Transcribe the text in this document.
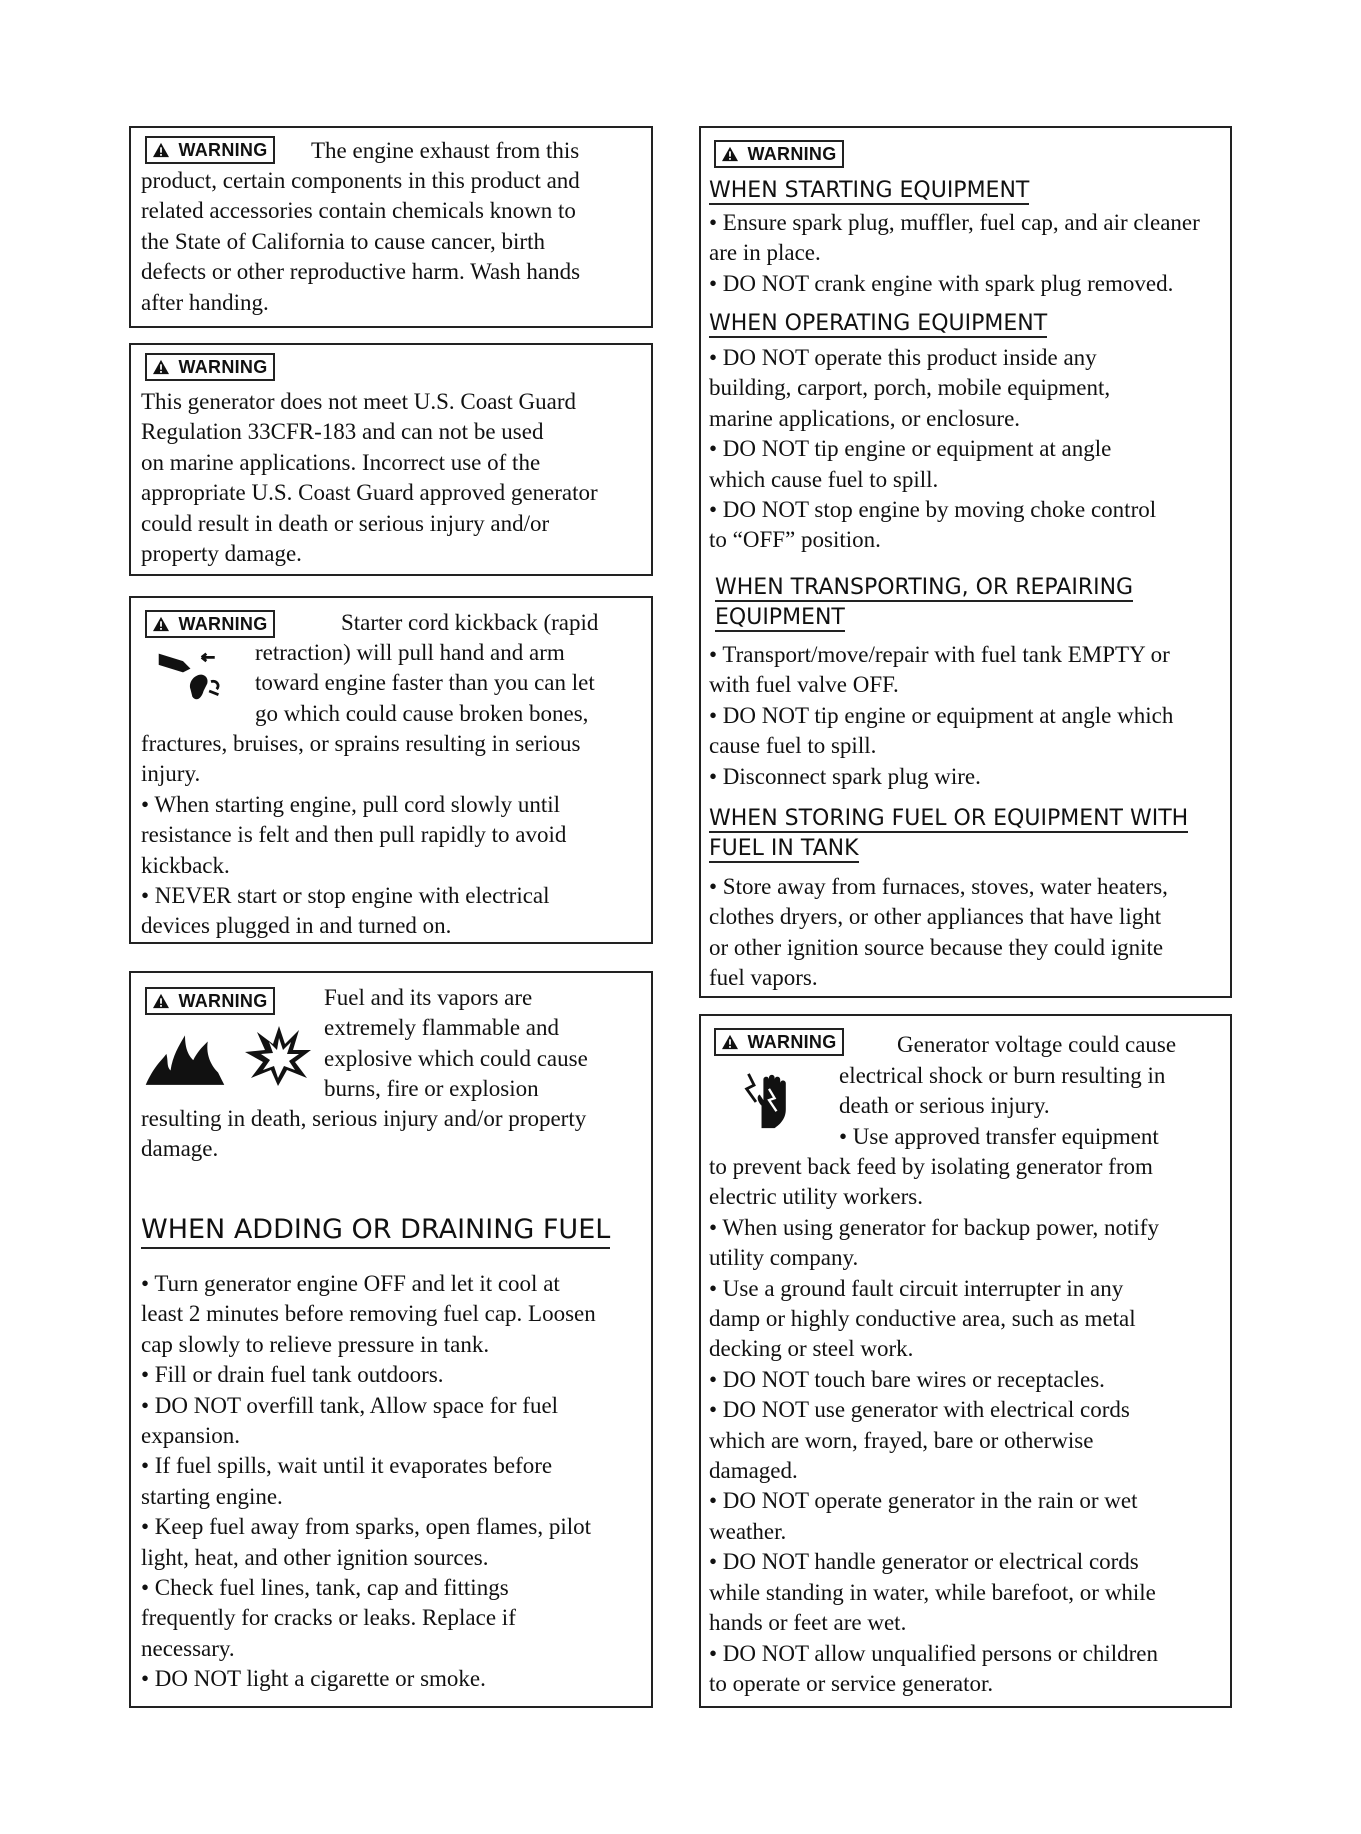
WARNING The engine exhaust from this
product, certain components in this product and
related accessories contain chemicals known to
the State of California to cause cancer, birth
defects or other reproductive harm. Wash hands
after handing.
WARNING
This generator does not meet U.S. Coast Guard
Regulation 33CFR-183 and can not be used
on marine applications. Incorrect use of the
appropriate U.S. Coast Guard approved generator
could result in death or serious injury and/or
property damage.
WARNING	Starter cord kickback (rapid
retraction) will pull hand and arm
toward engine faster than you can let
go which could cause broken bones,
fractures, bruises, or sprains resulting in serious
injury.
• When starting engine, pull cord slowly until
resistance is felt and then pull rapidly to avoid
kickback.
• NEVER start or stop engine with electrical
devices plugged in and turned on.
WARNING Fuel and its vapors are
extremely flammable and
explosive which could cause
burns, fire or explosion
resulting in death, serious injury and/or property
damage.
WHEN ADDING OR DRAINING FUEL
• Turn generator engine OFF and let it cool at
least 2 minutes before removing fuel cap. Loosen
cap slowly to relieve pressure in tank.
• Fill or drain fuel tank outdoors.
• DO NOT overfill tank, Allow space for fuel
expansion.
• If fuel spills, wait until it evaporates before
starting engine.
• Keep fuel away from sparks, open flames, pilot
light, heat, and other ignition sources.
• Check fuel lines, tank, cap and fittings
frequently for cracks or leaks. Replace if
necessary.
• DO NOT light a cigarette or smoke.
WARNING
WHEN STARTING EQUIPMENT
• Ensure spark plug, muffler, fuel cap, and air cleaner
are in place.
• DO NOT crank engine with spark plug removed.
WHEN OPERATING EQUIPMENT
• DO NOT operate this product inside any
building, carport, porch, mobile equipment,
marine applications, or enclosure.
• DO NOT tip engine or equipment at angle
which cause fuel to spill.
• DO NOT stop engine by moving choke control
to “OFF” position.
WHEN TRANSPORTING, OR REPAIRING
EQUIPMENT
• Transport/move/repair with fuel tank EMPTY or
with fuel valve OFF.
• DO NOT tip engine or equipment at angle which
cause fuel to spill.
• Disconnect spark plug wire.
WHEN STORING FUEL OR EQUIPMENT WITH
FUEL IN TANK
• Store away from furnaces, stoves, water heaters,
clothes dryers, or other appliances that have light
or other ignition source because they could ignite
fuel vapors.
WARNING	Generator voltage could cause
electrical shock or burn resulting in
death or serious injury.
• Use approved transfer equipment
to prevent back feed by isolating generator from
electric utility workers.
• When using generator for backup power, notify
utility company.
• Use a ground fault circuit interrupter in any
damp or highly conductive area, such as metal
decking or steel work.
• DO NOT touch bare wires or receptacles.
• DO NOT use generator with electrical cords
which are worn, frayed, bare or otherwise
damaged.
• DO NOT operate generator in the rain or wet
weather.
• DO NOT handle generator or electrical cords
while standing in water, while barefoot, or while
hands or feet are wet.
• DO NOT allow unqualified persons or children
to operate or service generator.
